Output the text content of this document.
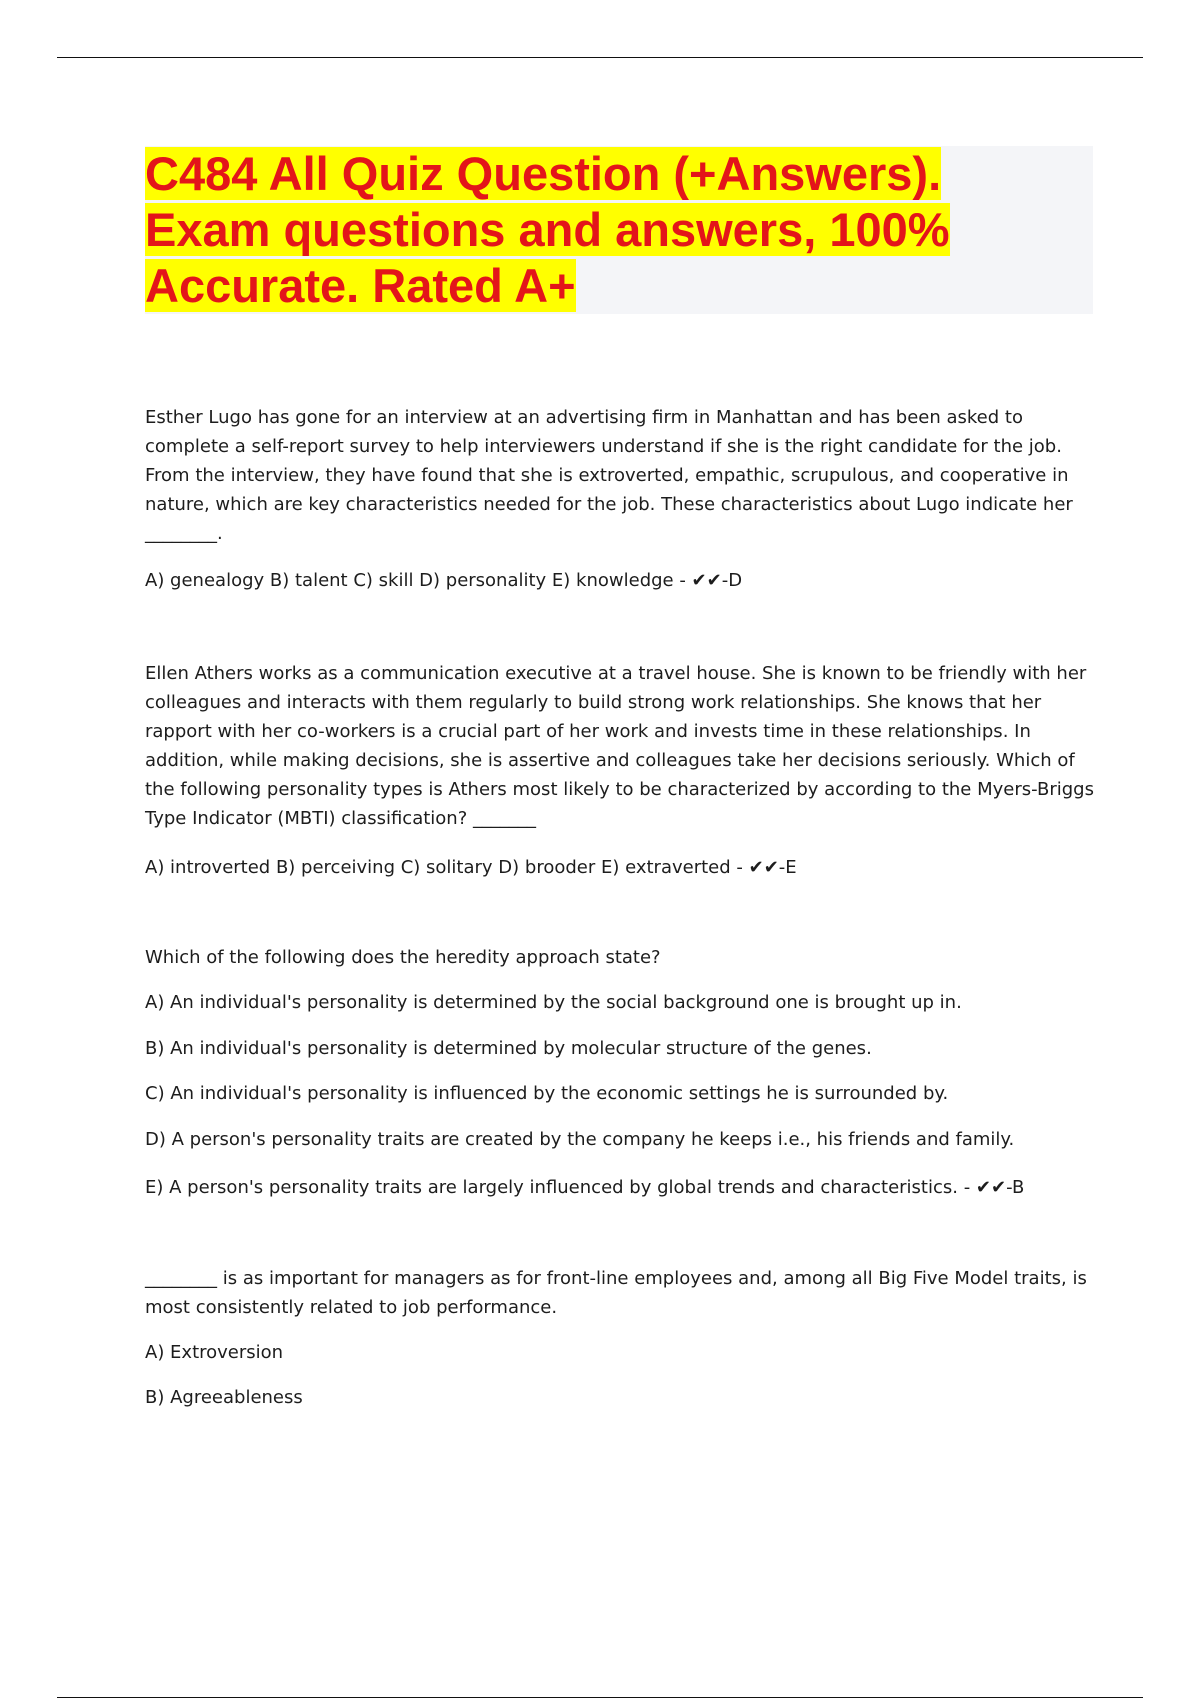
C484 All Quiz Question (+Answers). Exam questions and answers, 100% Accurate. Rated A+

Esther Lugo has gone for an interview at an advertising firm in Manhattan and has been asked to complete a self-report survey to help interviewers understand if she is the right candidate for the job. From the interview, they have found that she is extroverted, empathic, scrupulous, and cooperative in nature, which are key characteristics needed for the job. These characteristics about Lugo indicate her ________.

A) genealogy B) talent C) skill D) personality E) knowledge - ✔✔-D

Ellen Athers works as a communication executive at a travel house. She is known to be friendly with her colleagues and interacts with them regularly to build strong work relationships. She knows that her rapport with her co-workers is a crucial part of her work and invests time in these relationships. In addition, while making decisions, she is assertive and colleagues take her decisions seriously. Which of the following personality types is Athers most likely to be characterized by according to the Myers-Briggs Type Indicator (MBTI) classification? _______

A) introverted B) perceiving C) solitary D) brooder E) extraverted - ✔✔-E

Which of the following does the heredity approach state?

A) An individual's personality is determined by the social background one is brought up in.

B) An individual's personality is determined by molecular structure of the genes.

C) An individual's personality is influenced by the economic settings he is surrounded by.

D) A person's personality traits are created by the company he keeps i.e., his friends and family.

E) A person's personality traits are largely influenced by global trends and characteristics. - ✔✔-B

________ is as important for managers as for front-line employees and, among all Big Five Model traits, is most consistently related to job performance.

A) Extroversion

B) Agreeableness
